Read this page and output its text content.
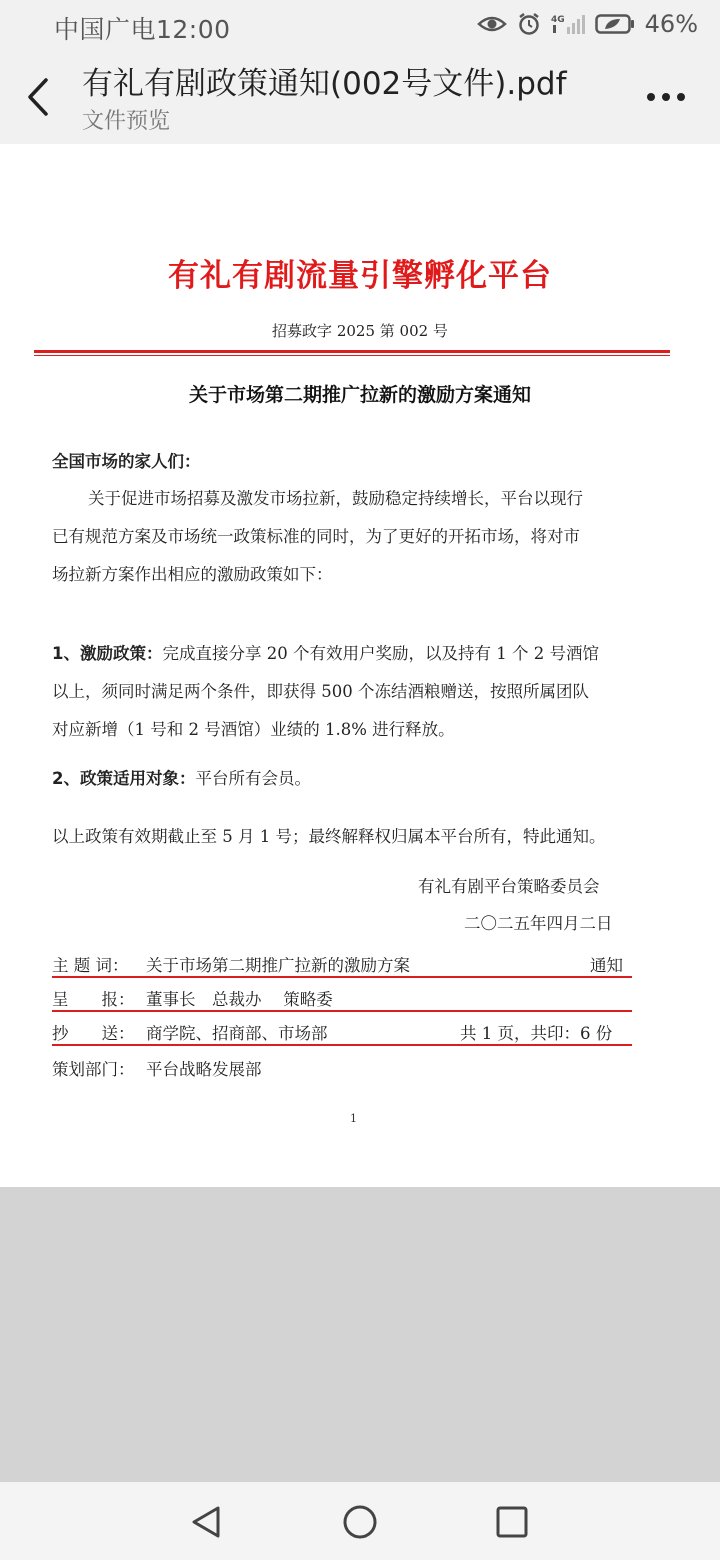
中国广电12:00	4G	46%
有礼有剧政策通知(002号文件).pdf
文件预览
有礼有剧流量引擎孵化平台
招募政字 2025 第 002 号
关于市场第二期推广拉新的激励方案通知
全国市场的家人们：
关于促进市场招募及激发市场拉新，鼓励稳定持续增长，平台以现行
已有规范方案及市场统一政策标准的同时，为了更好的开拓市场，将对市
场拉新方案作出相应的激励政策如下：
1、激励政策：完成直接分享 20 个有效用户奖励，以及持有 1 个 2 号酒馆
以上，须同时满足两个条件，即获得 500 个冻结酒粮赠送，按照所属团队
对应新增（1 号和 2 号酒馆）业绩的 1.8% 进行释放。
2、政策适用对象：平台所有会员。
以上政策有效期截止至 5 月 1 号；最终解释权归属本平台所有，特此通知。
有礼有剧平台策略委员会
二〇二五年四月二日
主 题 词： 关于市场第二期推广拉新的激励方案	通知
呈　　报： 董事长　总裁办　 策略委
抄　　送： 商学院、招商部、市场部	共 1 页，共印：6 份
策划部门： 平台战略发展部
1
